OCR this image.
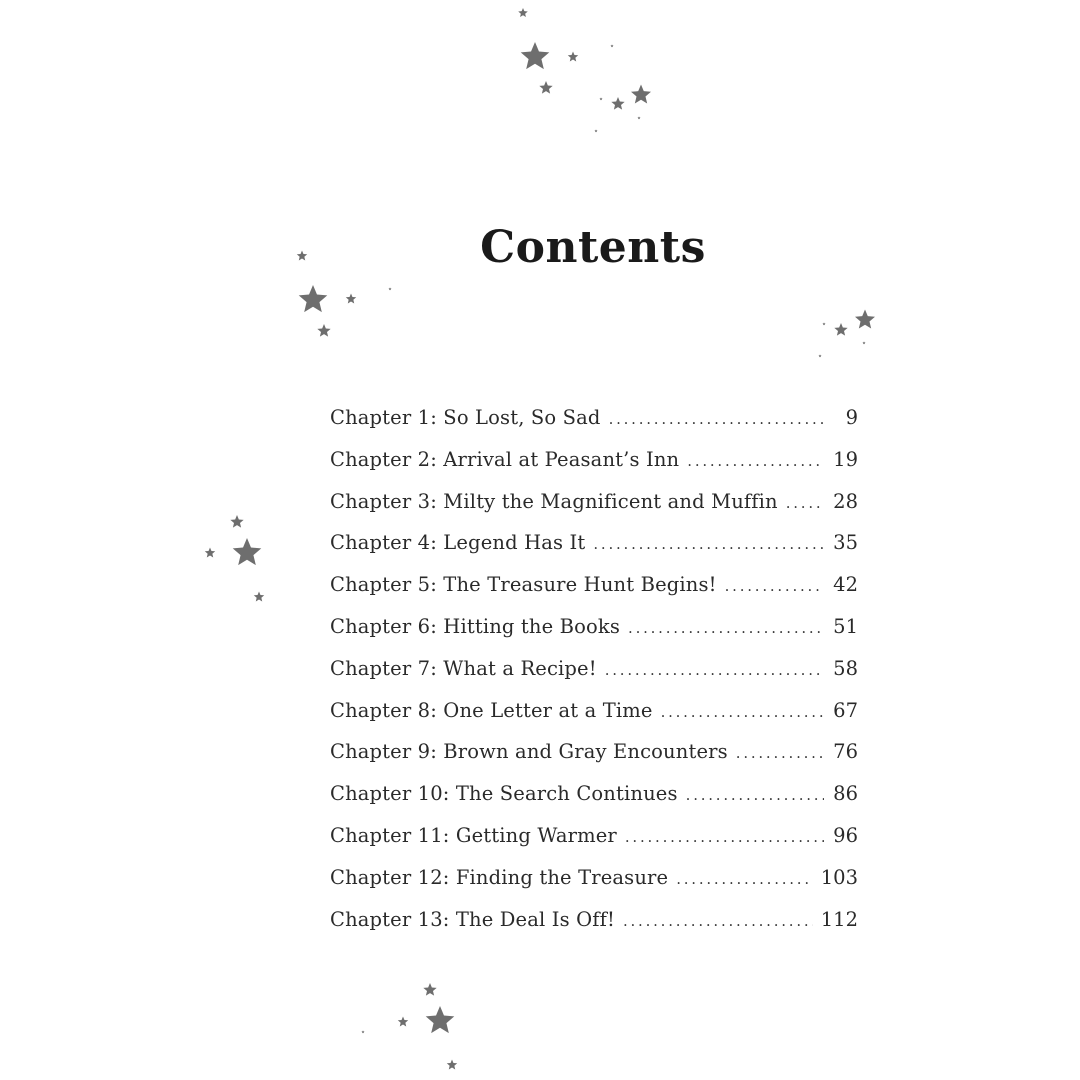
Contents
Chapter 1: So Lost, So Sad . . .	9
Chapter 2: Arrival at Peasant’s Inn . . .	19
Chapter 3: Milty the Magnificent and Muffin . . .	28
Chapter 4: Legend Has It . . .	35
Chapter 5: The Treasure Hunt Begins! . . .	42
Chapter 6: Hitting the Books . . .	51
Chapter 7: What a Recipe! . . .	58
Chapter 8: One Letter at a Time . . .	67
Chapter 9: Brown and Gray Encounters . . .	76
Chapter 10: The Search Continues . . .	86
Chapter 11: Getting Warmer . . .	96
Chapter 12: Finding the Treasure . . .	103
Chapter 13: The Deal Is Off! . . .	112
